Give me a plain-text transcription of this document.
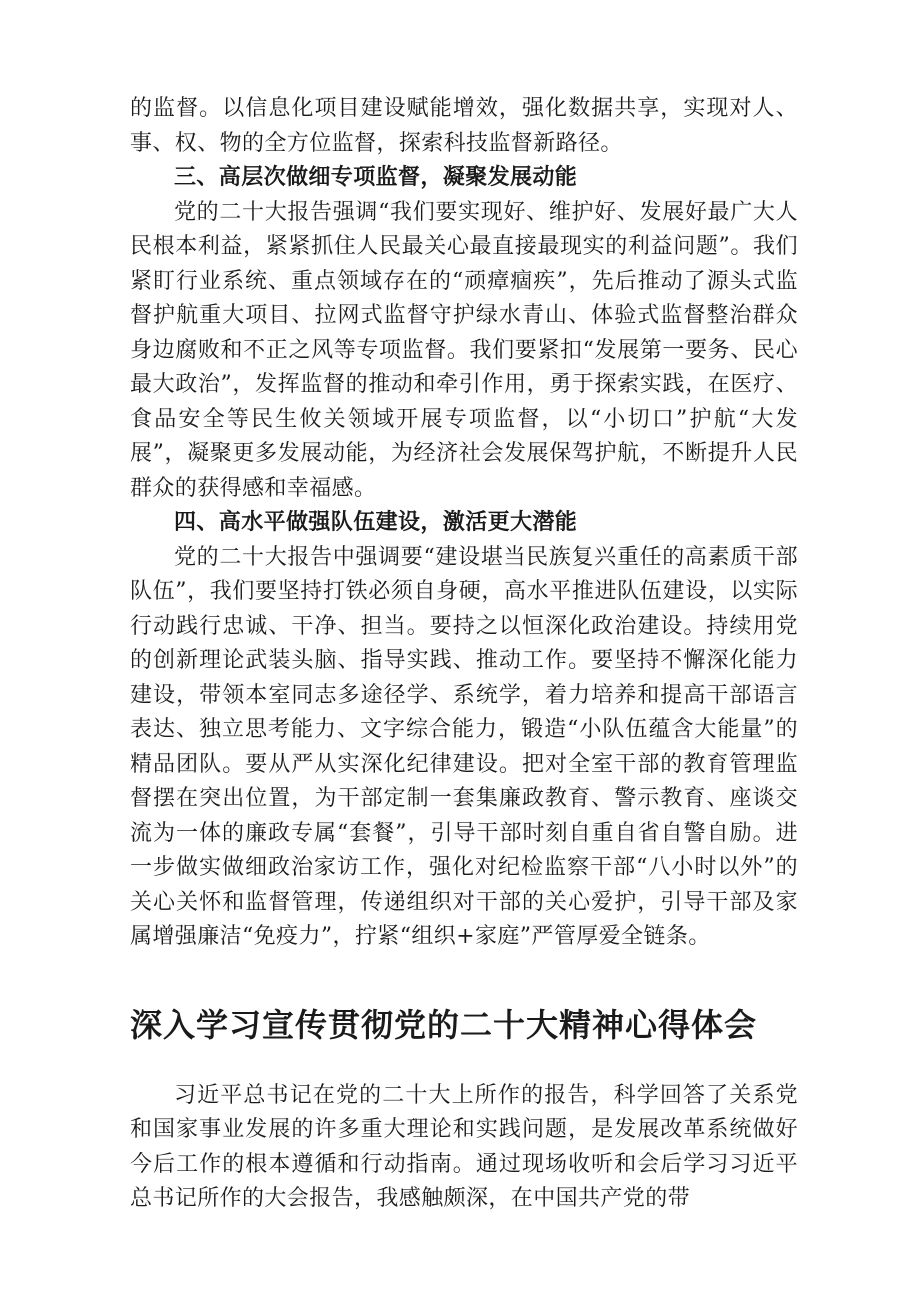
的监督。以信息化项目建设赋能增效，强化数据共享，实现对人、事、权、物的全方位监督，探索科技监督新路径。

三、高层次做细专项监督，凝聚发展动能

党的二十大报告强调“我们要实现好、维护好、发展好最广大人民根本利益，紧紧抓住人民最关心最直接最现实的利益问题”。我们紧盯行业系统、重点领域存在的“顽瘴痼疾”，先后推动了源头式监督护航重大项目、拉网式监督守护绿水青山、体验式监督整治群众身边腐败和不正之风等专项监督。我们要紧扣“发展第一要务、民心最大政治”，发挥监督的推动和牵引作用，勇于探索实践，在医疗、食品安全等民生攸关领域开展专项监督，以“小切口”护航“大发展”，凝聚更多发展动能，为经济社会发展保驾护航，不断提升人民群众的获得感和幸福感。

四、高水平做强队伍建设，激活更大潜能

党的二十大报告中强调要“建设堪当民族复兴重任的高素质干部队伍”，我们要坚持打铁必须自身硬，高水平推进队伍建设，以实际行动践行忠诚、干净、担当。要持之以恒深化政治建设。持续用党的创新理论武装头脑、指导实践、推动工作。要坚持不懈深化能力建设，带领本室同志多途径学、系统学，着力培养和提高干部语言表达、独立思考能力、文字综合能力，锻造“小队伍蕴含大能量”的精品团队。要从严从实深化纪律建设。把对全室干部的教育管理监督摆在突出位置，为干部定制一套集廉政教育、警示教育、座谈交流为一体的廉政专属“套餐”，引导干部时刻自重自省自警自励。进一步做实做细政治家访工作，强化对纪检监察干部“八小时以外”的关心关怀和监督管理，传递组织对干部的关心爱护，引导干部及家属增强廉洁“免疫力”，拧紧“组织+家庭”严管厚爱全链条。

深入学习宣传贯彻党的二十大精神心得体会

习近平总书记在党的二十大上所作的报告，科学回答了关系党和国家事业发展的许多重大理论和实践问题，是发展改革系统做好今后工作的根本遵循和行动指南。通过现场收听和会后学习习近平总书记所作的大会报告，我感触颇深，在中国共产党的带
